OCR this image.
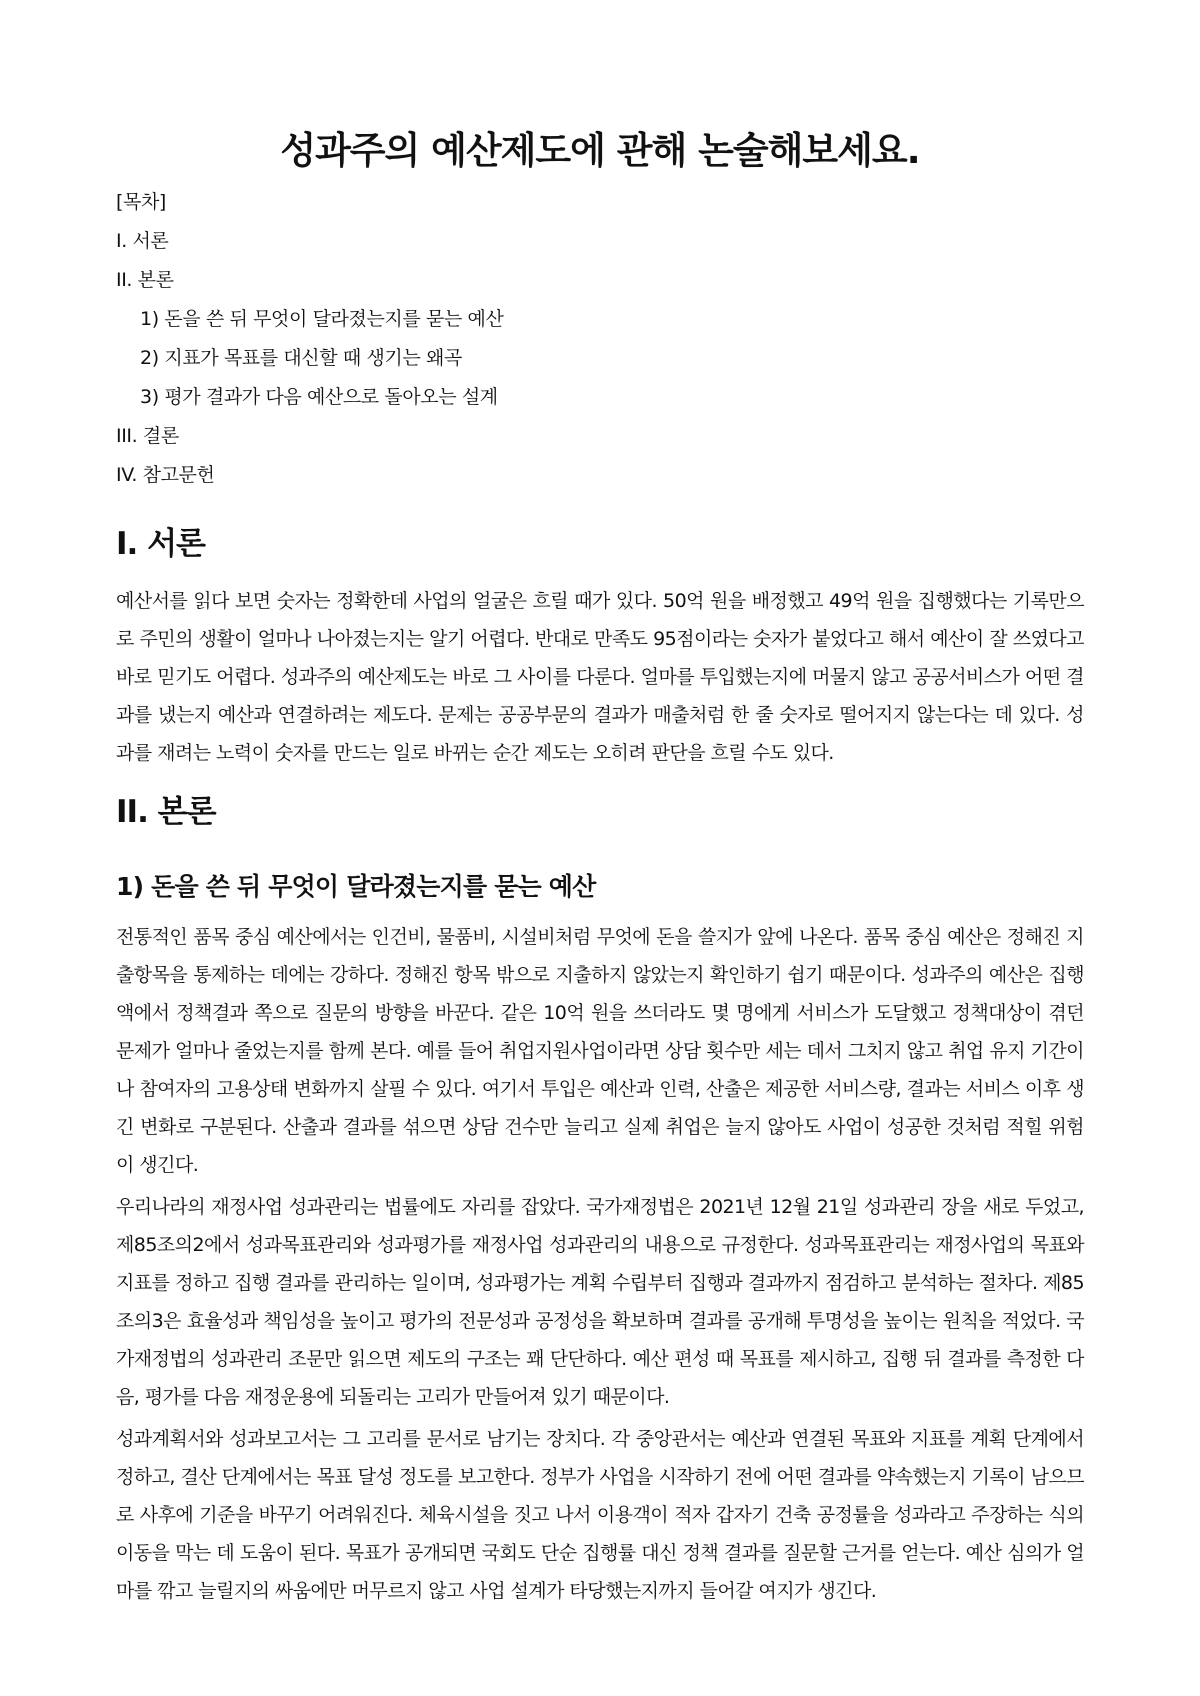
성과주의 예산제도에 관해 논술해보세요.
[목차]
I. 서론
II. 본론
1) 돈을 쓴 뒤 무엇이 달라졌는지를 묻는 예산
2) 지표가 목표를 대신할 때 생기는 왜곡
3) 평가 결과가 다음 예산으로 돌아오는 설계
III. 결론
IV. 참고문헌
I. 서론

예산서를 읽다 보면 숫자는 정확한데 사업의 얼굴은 흐릴 때가 있다. 50억 원을 배정했고 49억 원을 집행했다는 기록만으로 주민의 생활이 얼마나 나아졌는지는 알기 어렵다. 반대로 만족도 95점이라는 숫자가 붙었다고 해서 예산이 잘 쓰였다고 바로 믿기도 어렵다. 성과주의 예산제도는 바로 그 사이를 다룬다. 얼마를 투입했는지에 머물지 않고 공공서비스가 어떤 결과를 냈는지 예산과 연결하려는 제도다. 문제는 공공부문의 결과가 매출처럼 한 줄 숫자로 떨어지지 않는다는 데 있다. 성과를 재려는 노력이 숫자를 만드는 일로 바뀌는 순간 제도는 오히려 판단을 흐릴 수도 있다.

II. 본론
1) 돈을 쓴 뒤 무엇이 달라졌는지를 묻는 예산

전통적인 품목 중심 예산에서는 인건비, 물품비, 시설비처럼 무엇에 돈을 쓸지가 앞에 나온다. 품목 중심 예산은 정해진 지출항목을 통제하는 데에는 강하다. 정해진 항목 밖으로 지출하지 않았는지 확인하기 쉽기 때문이다. 성과주의 예산은 집행액에서 정책결과 쪽으로 질문의 방향을 바꾼다. 같은 10억 원을 쓰더라도 몇 명에게 서비스가 도달했고 정책대상이 겪던 문제가 얼마나 줄었는지를 함께 본다. 예를 들어 취업지원사업이라면 상담 횟수만 세는 데서 그치지 않고 취업 유지 기간이나 참여자의 고용상태 변화까지 살필 수 있다. 여기서 투입은 예산과 인력, 산출은 제공한 서비스량, 결과는 서비스 이후 생긴 변화로 구분된다. 산출과 결과를 섞으면 상담 건수만 늘리고 실제 취업은 늘지 않아도 사업이 성공한 것처럼 적힐 위험이 생긴다.

우리나라의 재정사업 성과관리는 법률에도 자리를 잡았다. 국가재정법은 2021년 12월 21일 성과관리 장을 새로 두었고, 제85조의2에서 성과목표관리와 성과평가를 재정사업 성과관리의 내용으로 규정한다. 성과목표관리는 재정사업의 목표와 지표를 정하고 집행 결과를 관리하는 일이며, 성과평가는 계획 수립부터 집행과 결과까지 점검하고 분석하는 절차다. 제85조의3은 효율성과 책임성을 높이고 평가의 전문성과 공정성을 확보하며 결과를 공개해 투명성을 높이는 원칙을 적었다. 국가재정법의 성과관리 조문만 읽으면 제도의 구조는 꽤 단단하다. 예산 편성 때 목표를 제시하고, 집행 뒤 결과를 측정한 다음, 평가를 다음 재정운용에 되돌리는 고리가 만들어져 있기 때문이다.

성과계획서와 성과보고서는 그 고리를 문서로 남기는 장치다. 각 중앙관서는 예산과 연결된 목표와 지표를 계획 단계에서 정하고, 결산 단계에서는 목표 달성 정도를 보고한다. 정부가 사업을 시작하기 전에 어떤 결과를 약속했는지 기록이 남으므로 사후에 기준을 바꾸기 어려워진다. 체육시설을 짓고 나서 이용객이 적자 갑자기 건축 공정률을 성과라고 주장하는 식의 이동을 막는 데 도움이 된다. 목표가 공개되면 국회도 단순 집행률 대신 정책 결과를 질문할 근거를 얻는다. 예산 심의가 얼마를 깎고 늘릴지의 싸움에만 머무르지 않고 사업 설계가 타당했는지까지 들어갈 여지가 생긴다.
